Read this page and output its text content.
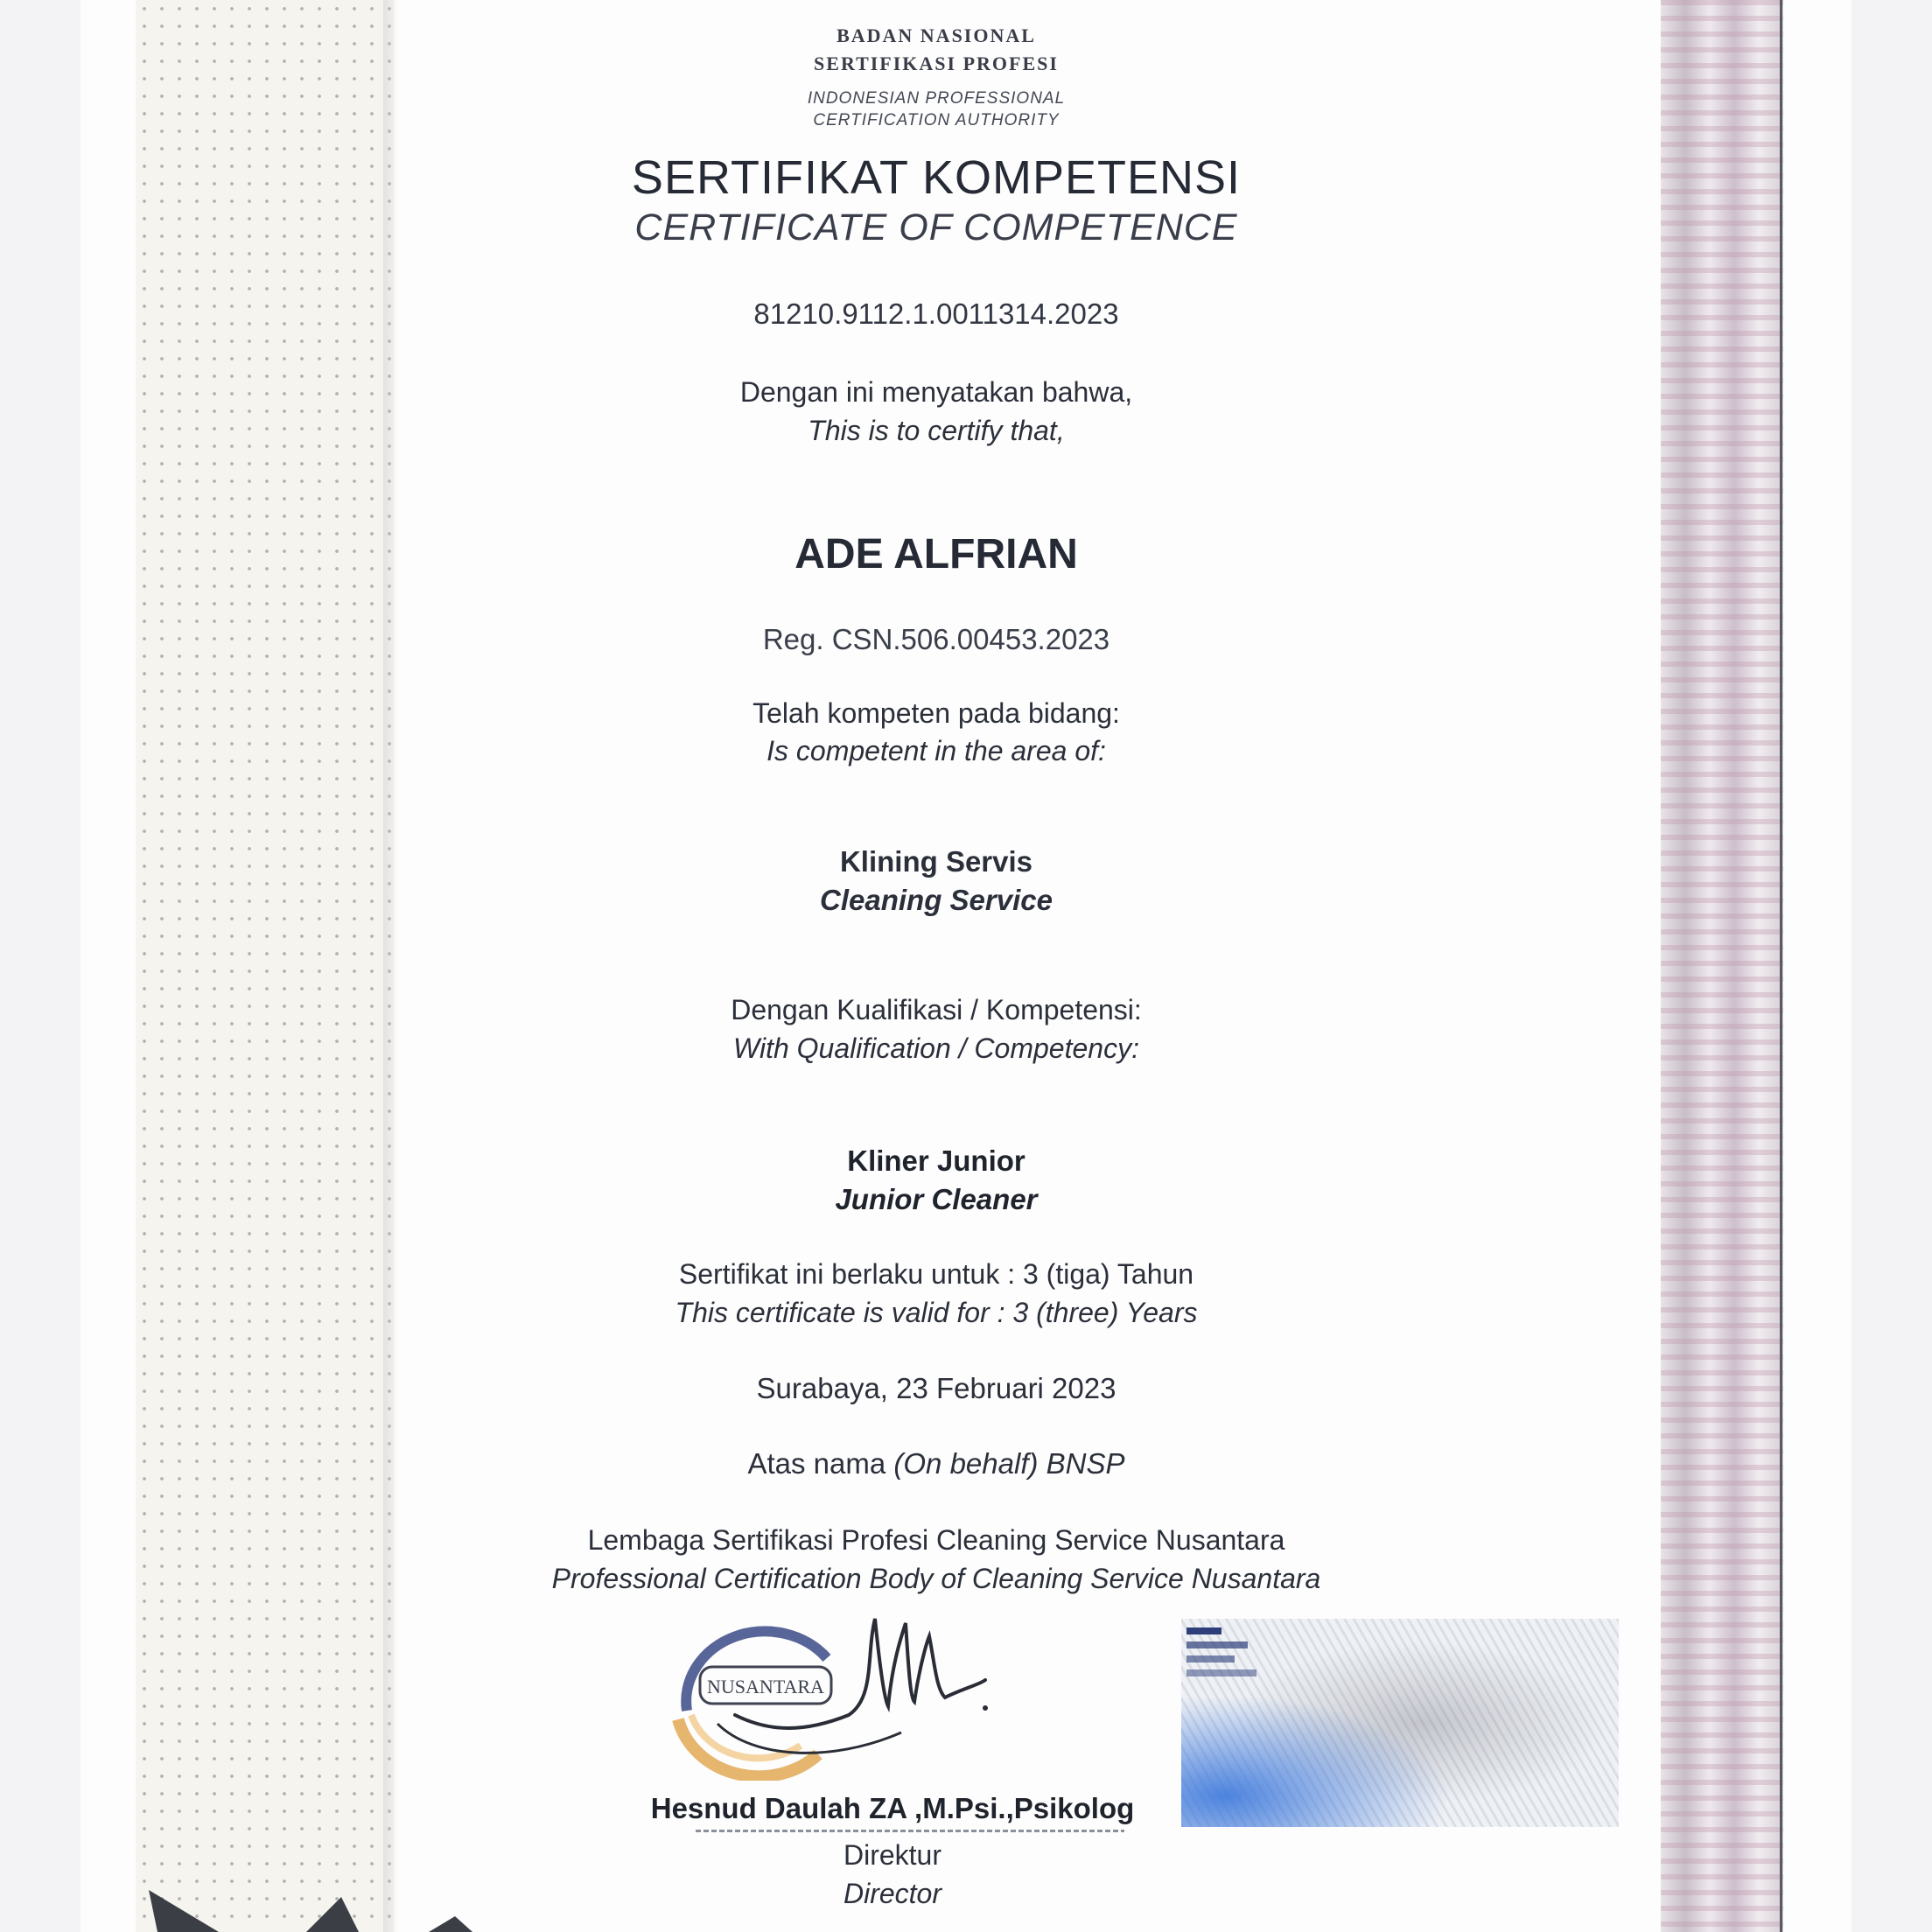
BADAN NASIONAL

SERTIFIKASI PROFESI

INDONESIAN PROFESSIONAL

CERTIFICATION AUTHORITY

SERTIFIKAT KOMPETENSI

CERTIFICATE OF COMPETENCE

81210.9112.1.0011314.2023

Dengan ini menyatakan bahwa,

This is to certify that,

ADE ALFRIAN

Reg. CSN.506.00453.2023

Telah kompeten pada bidang:

Is competent in the area of:

Klining Servis

Cleaning Service

Dengan Kualifikasi / Kompetensi:

With Qualification / Competency:

Kliner Junior

Junior Cleaner

Sertifikat ini berlaku untuk : 3 (tiga) Tahun

This certificate is valid for : 3 (three) Years

Surabaya, 23 Februari 2023

Atas nama (On behalf) BNSP

Lembaga Sertifikasi Profesi Cleaning Service Nusantara

Professional Certification Body of Cleaning Service Nusantara

NUSANTARA

Hesnud Daulah ZA ,M.Psi.,Psikolog

Direktur

Director
